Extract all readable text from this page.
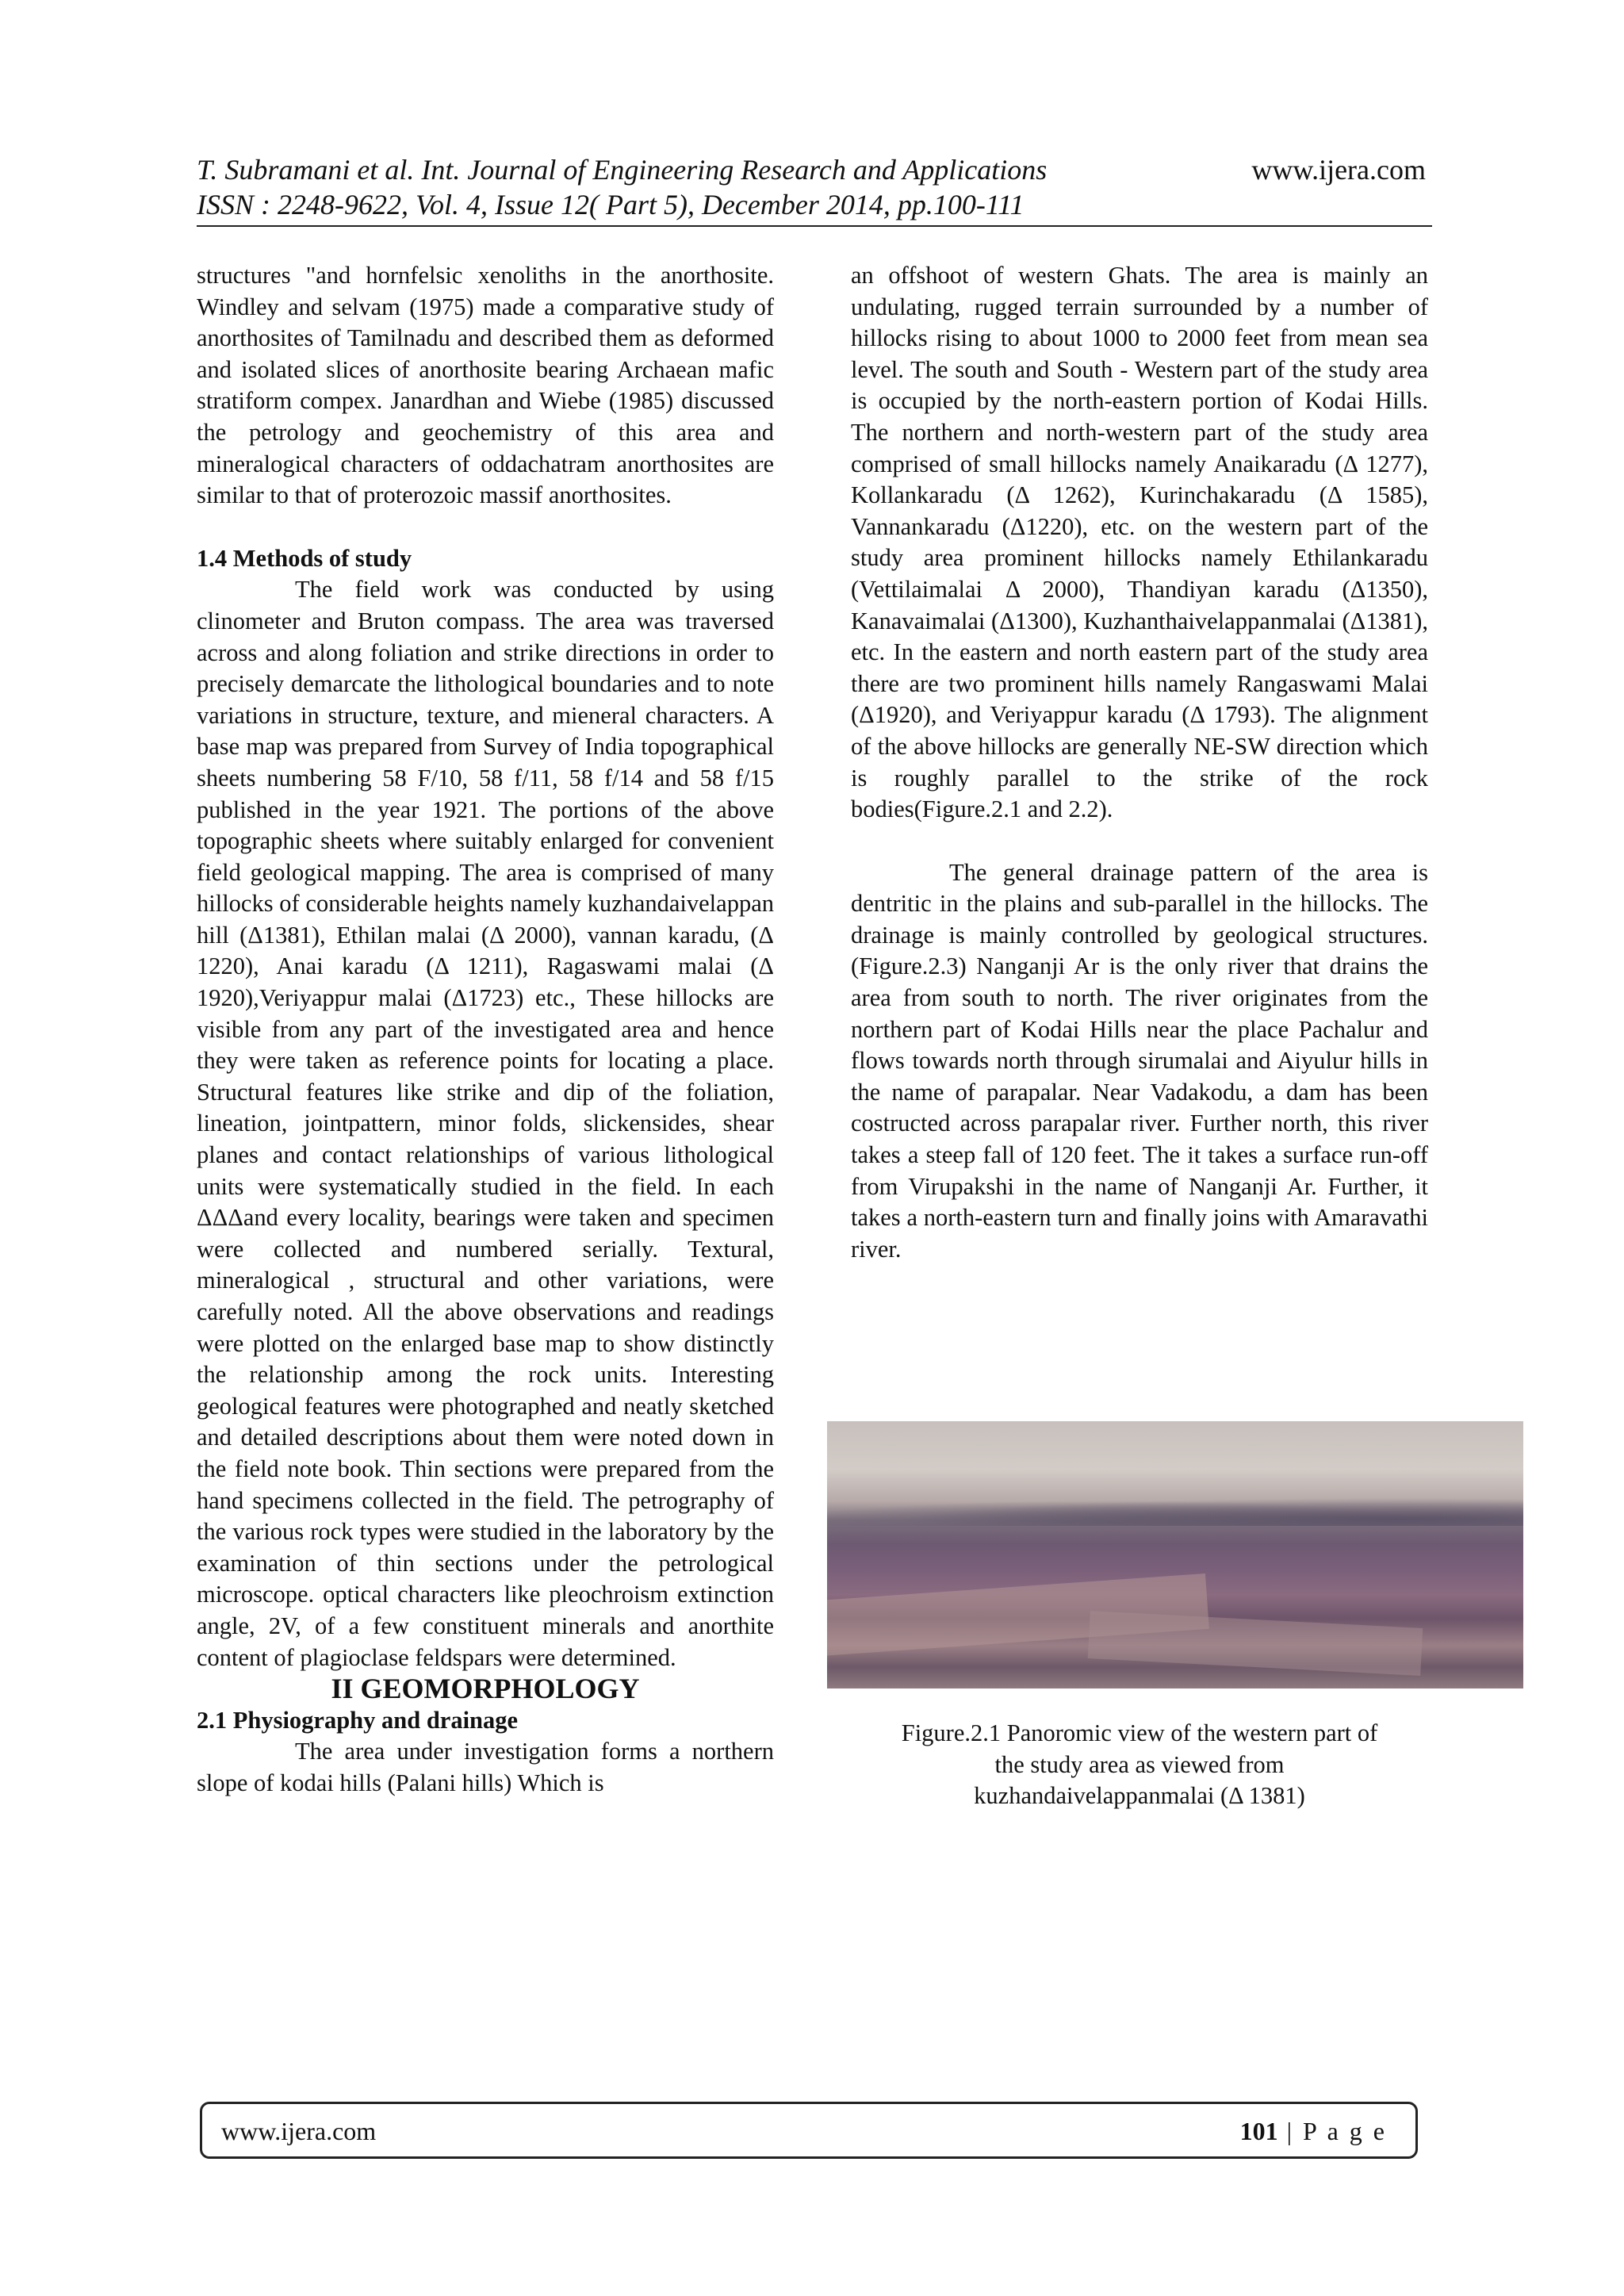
T. Subramani et al. Int. Journal of Engineering Research and Applications	www.ijera.com
ISSN : 2248-9622, Vol. 4, Issue 12( Part 5), December 2014, pp.100-111

structures "and hornfelsic xenoliths in the anorthosite. Windley and selvam (1975) made a comparative study of anorthosites of Tamilnadu and described them as deformed and isolated slices of anorthosite bearing Archaean mafic stratiform compex. Janardhan and Wiebe (1985) discussed the petrology and geochemistry of this area and mineralogical characters of oddachatram anorthosites are similar to that of proterozoic massif anorthosites.

1.4 Methods of study

The field work was conducted by using clinometer and Bruton compass. The area was traversed across and along foliation and strike directions in order to precisely demarcate the lithological boundaries and to note variations in structure, texture, and mieneral characters. A base map was prepared from Survey of India topographical sheets numbering 58 F/10, 58 f/11, 58 f/14 and 58 f/15 published in the year 1921. The portions of the above topographic sheets where suitably enlarged for convenient field geological mapping. The area is comprised of many hillocks of considerable heights namely kuzhandaivelappan hill (Δ1381), Ethilan malai (Δ 2000), vannan karadu, (Δ 1220), Anai karadu (Δ 1211), Ragaswami malai (Δ 1920),Veriyappur malai (Δ1723) etc., These hillocks are visible from any part of the investigated area and hence they were taken as reference points for locating a place. Structural features like strike and dip of the foliation, lineation, jointpattern, minor folds, slickensides, shear planes and contact relationships of various lithological units were systematically studied in the field. In each ΔΔΔand every locality, bearings were taken and specimen were collected and numbered serially. Textural, mineralogical , structural and other variations, were carefully noted. All the above observations and readings were plotted on the enlarged base map to show distinctly the relationship among the rock units. Interesting geological features were photographed and neatly sketched and detailed descriptions about them were noted down in the field note book. Thin sections were prepared from the hand specimens collected in the field. The petrography of the various rock types were studied in the laboratory by the examination of thin sections under the petrological microscope. optical characters like pleochroism extinction angle, 2V, of a few constituent minerals and anorthite content of plagioclase feldspars were determined.

II GEOMORPHOLOGY

2.1 Physiography and drainage

The area under investigation forms a northern slope of kodai hills (Palani hills) Which is

an offshoot of western Ghats. The area is mainly an undulating, rugged terrain surrounded by a number of hillocks rising to about 1000 to 2000 feet from mean sea level. The south and South - Western part of the study area is occupied by the north-eastern portion of Kodai Hills. The northern and north-western part of the study area comprised of small hillocks namely Anaikaradu (Δ 1277), Kollankaradu (Δ 1262), Kurinchakaradu (Δ 1585), Vannankaradu (Δ1220), etc. on the western part of the study area prominent hillocks namely Ethilankaradu (Vettilaimalai Δ 2000), Thandiyan karadu (Δ1350), Kanavaimalai (Δ1300), Kuzhanthaivelappanmalai (Δ1381), etc. In the eastern and north eastern part of the study area there are two prominent hills namely Rangaswami Malai (Δ1920), and Veriyappur karadu (Δ 1793). The alignment of the above hillocks are generally NE-SW direction which is roughly parallel to the strike of the rock bodies(Figure.2.1 and 2.2).

The general drainage pattern of the area is dentritic in the plains and sub-parallel in the hillocks. The drainage is mainly controlled by geological structures.(Figure.2.3) Nanganji Ar is the only river that drains the area from south to north. The river originates from the northern part of Kodai Hills near the place Pachalur and flows towards north through sirumalai and Aiyulur hills in the name of parapalar. Near Vadakodu, a dam has been costructed across parapalar river. Further north, this river takes a steep fall of 120 feet. The it takes a surface run-off from Virupakshi in the name of Nanganji Ar. Further, it takes a north-eastern turn and finally joins with Amaravathi river.

Figure.2.1 Panoromic view of the western part of
the study area as viewed from
kuzhandaivelappanmalai (Δ 1381)
www.ijera.com	101 | P a g e
